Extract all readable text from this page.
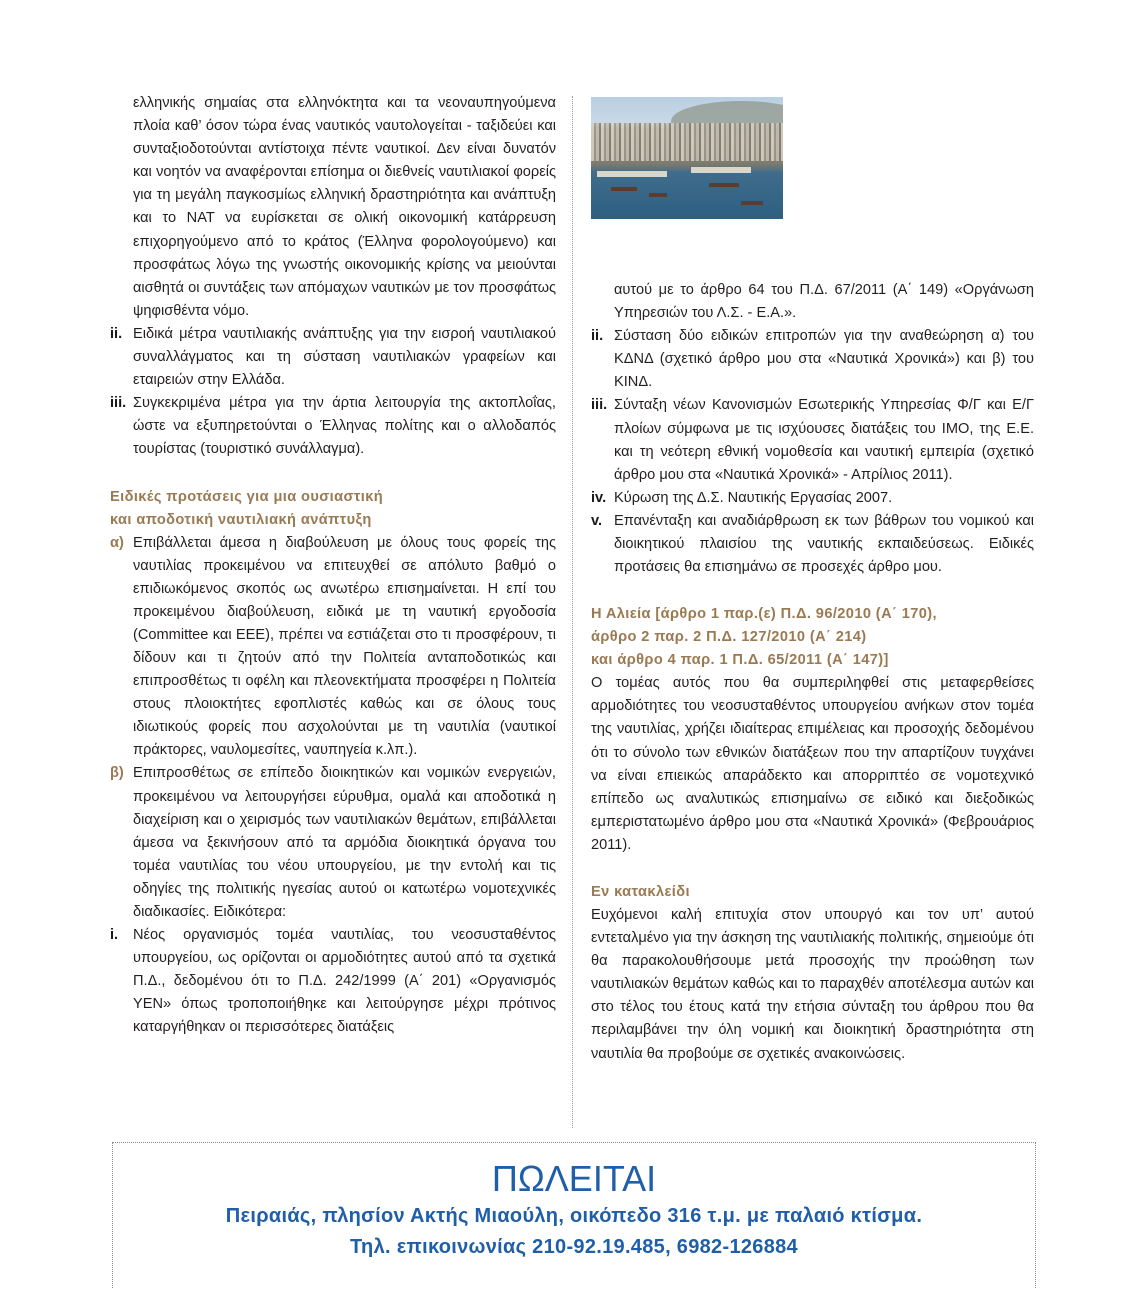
ελληνικής σημαίας στα ελληνόκτητα και τα νεοναυπηγούμενα πλοία καθ’ όσον τώρα ένας ναυτικός ναυτολογείται - ταξιδεύει και συνταξιοδοτούνται αντίστοιχα πέντε ναυτικοί. Δεν είναι δυνατόν και νοητόν να αναφέρονται επίσημα οι διεθνείς ναυτιλιακοί φορείς για τη μεγάλη παγκοσμίως ελληνική δραστηριότητα και ανάπτυξη και το ΝΑΤ να ευρίσκεται σε ολική οικονομική κατάρρευση επιχορηγούμενο από το κράτος (Έλληνα φορολογούμενο) και προσφάτως λόγω της γνωστής οικονομικής κρίσης να μειούνται αισθητά οι συντάξεις των απόμαχων ναυτικών με τον προσφάτως ψηφισθέντα νόμο.

ii. Ειδικά μέτρα ναυτιλιακής ανάπτυξης για την εισροή ναυτιλιακού συναλλάγματος και τη σύσταση ναυτιλιακών γραφείων και εταιρειών στην Ελλάδα.
iii. Συγκεκριμένα μέτρα για την άρτια λειτουργία της ακτοπλοΐας, ώστε να εξυπηρετούνται ο Έλληνας πολίτης και ο αλλοδαπός τουρίστας (τουριστικό συνάλλαγμα).
Ειδικές προτάσεις για μια ουσιαστική
και αποδοτική ναυτιλιακή ανάπτυξη
α) Επιβάλλεται άμεσα η διαβούλευση με όλους τους φορείς της ναυτιλίας προκειμένου να επιτευχθεί σε απόλυτο βαθμό ο επιδιωκόμενος σκοπός ως ανωτέρω επισημαίνεται. Η επί του προκειμένου διαβούλευση, ειδικά με τη ναυτική εργοδοσία (Committee και ΕΕΕ), πρέπει να εστιάζεται στο τι προσφέρουν, τι δίδουν και τι ζητούν από την Πολιτεία ανταποδοτικώς και επιπροσθέτως τι οφέλη και πλεονεκτήματα προσφέρει η Πολιτεία στους πλοιοκτήτες εφοπλιστές καθώς και σε όλους τους ιδιωτικούς φορείς που ασχολούνται με τη ναυτιλία (ναυτικοί πράκτορες, ναυλομεσίτες, ναυπηγεία κ.λπ.).
β) Επιπροσθέτως σε επίπεδο διοικητικών και νομικών ενεργειών, προκειμένου να λειτουργήσει εύρυθμα, ομαλά και αποδοτικά η διαχείριση και ο χειρισμός των ναυτιλιακών θεμάτων, επιβάλλεται άμεσα να ξεκινήσουν από τα αρμόδια διοικητικά όργανα του τομέα ναυτιλίας του νέου υπουργείου, με την εντολή και τις οδηγίες της πολιτικής ηγεσίας αυτού οι κατωτέρω νομοτεχνικές διαδικασίες. Ειδικότερα:
i.	Νέος οργανισμός τομέα ναυτιλίας, του νεοσυσταθέντος υπουργείου, ως ορίζονται οι αρμοδιότητες αυτού από τα σχετικά Π.Δ., δεδομένου ότι το Π.Δ. 242/1999 (Α΄ 201) «Οργανισμός ΥΕΝ» όπως τροποποιήθηκε και λειτούργησε μέχρι πρότινος καταργήθηκαν οι περισσότερες διατάξεις

αυτού με το άρθρο 64 του Π.Δ. 67/2011 (Α΄ 149) «Οργάνωση Υπηρεσιών του Λ.Σ. - Ε.Α.».

ii. Σύσταση δύο ειδικών επιτροπών για την αναθεώρηση α) του ΚΔΝΔ (σχετικό άρθρο μου στα «Ναυτικά Χρονικά») και β) του ΚΙΝΔ.
iii. Σύνταξη νέων Κανονισμών Εσωτερικής Υπηρεσίας Φ/Γ και Ε/Γ πλοίων σύμφωνα με τις ισχύουσες διατάξεις του ΙΜΟ, της Ε.Ε. και τη νεότερη εθνική νομοθεσία και ναυτική εμπειρία (σχετικό άρθρο μου στα «Ναυτικά Χρονικά» - Απρίλιος 2011).
iv. Κύρωση της Δ.Σ. Ναυτικής Εργασίας 2007.
v. Επανένταξη και αναδιάρθρωση εκ των βάθρων του νομικού και διοικητικού πλαισίου της ναυτικής εκπαιδεύσεως. Ειδικές προτάσεις θα επισημάνω σε προσεχές άρθρο μου.
Η Αλιεία [άρθρο 1 παρ.(ε) Π.Δ. 96/2010 (Α΄ 170),
άρθρο 2 παρ. 2 Π.Δ. 127/2010 (Α΄ 214)
και άρθρο 4 παρ. 1 Π.Δ. 65/2011 (Α΄ 147)]

Ο τομέας αυτός που θα συμπεριληφθεί στις μεταφερθείσες αρμοδιότητες του νεοσυσταθέντος υπουργείου ανήκων στον τομέα της ναυτιλίας, χρήζει ιδιαίτερας επιμέλειας και προσοχής δεδομένου ότι το σύνολο των εθνικών διατάξεων που την απαρτίζουν τυγχάνει να είναι επιεικώς απαράδεκτο και απορριπτέο σε νομοτεχνικό επίπεδο ως αναλυτικώς επισημαίνω σε ειδικό και διεξοδικώς εμπεριστατωμένο άρθρο μου στα «Ναυτικά Χρονικά» (Φεβρουάριος 2011).

Εν κατακλείδι

Ευχόμενοι καλή επιτυχία στον υπουργό και τον υπ’ αυτού εντεταλμένο για την άσκηση της ναυτιλιακής πολιτικής, σημειούμε ότι θα παρακολουθήσουμε μετά προσοχής την προώθηση των ναυτιλιακών θεμάτων καθώς και το παραχθέν αποτέλεσμα αυτών και στο τέλος του έτους κατά την ετήσια σύνταξη του άρθρου που θα περιλαμβάνει την όλη νομική και διοικητική δραστηριότητα στη ναυτιλία θα προβούμε σε σχετικές ανακοινώσεις.

ΠΩΛΕΙΤΑΙ
Πειραιάς, πλησίον Ακτής Μιαούλη, οικόπεδο 316 τ.μ. με παλαιό κτίσμα.
Τηλ. επικοινωνίας 210-92.19.485, 6982-126884
